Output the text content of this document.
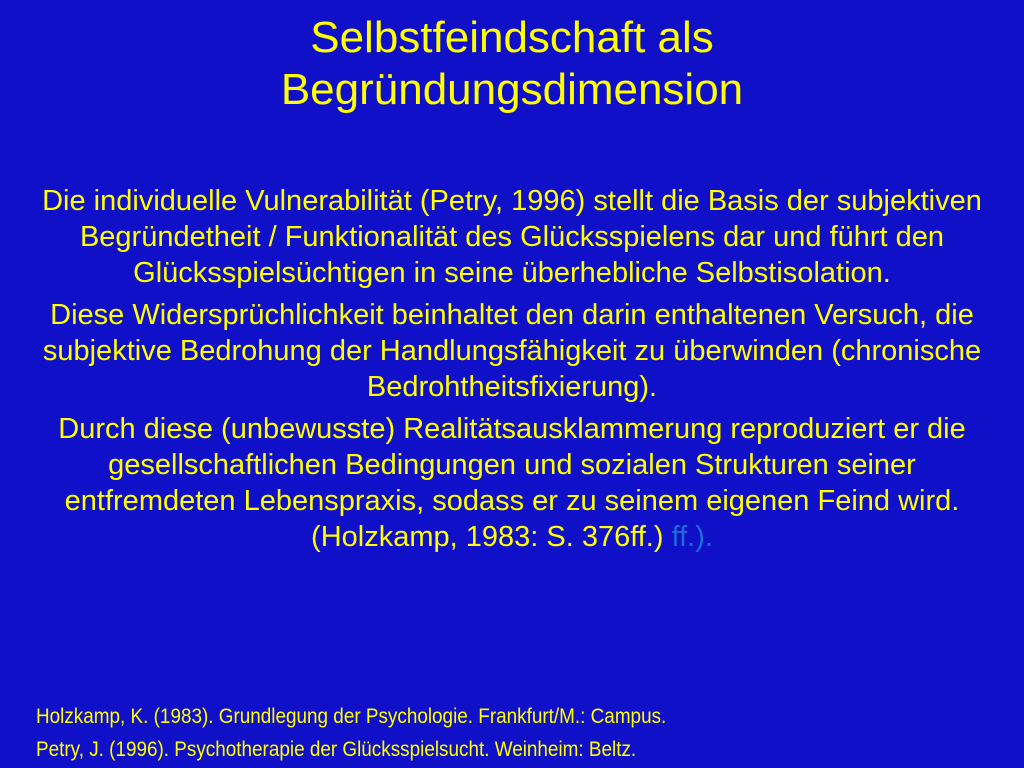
Selbstfeindschaft als
Begründungsdimension

Die individuelle Vulnerabilität (Petry, 1996) stellt die Basis der subjektiven Begründetheit / Funktionalität des Glücksspielens dar und führt den Glücksspielsüchtigen in seine überhebliche Selbstisolation.

Diese Widersprüchlichkeit beinhaltet den darin enthaltenen Versuch, die subjektive Bedrohung der Handlungsfähigkeit zu überwinden (chronische Bedrohtheitsfixierung).

Durch diese (unbewusste) Realitätsausklammerung reproduziert er die gesellschaftlichen Bedingungen und sozialen Strukturen seiner entfremdeten Lebenspraxis, sodass er zu seinem eigenen Feind wird.
(Holzkamp, 1983: S. 376ff.) ff.).

Holzkamp, K. (1983). Grundlegung der Psychologie. Frankfurt/M.: Campus.
Petry, J. (1996). Psychotherapie der Glücksspielsucht. Weinheim: Beltz.
